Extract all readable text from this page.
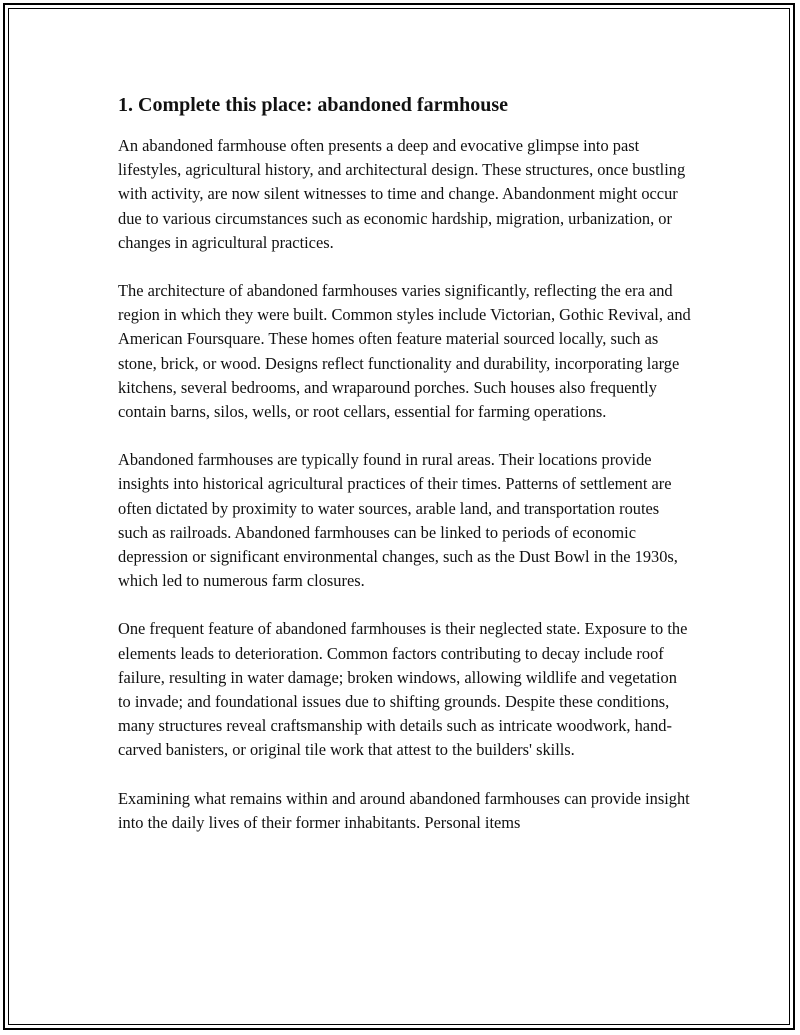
1. Complete this place: abandoned farmhouse

An abandoned farmhouse often presents a deep and evocative glimpse into past lifestyles, agricultural history, and architectural design. These structures, once bustling with activity, are now silent witnesses to time and change. Abandonment might occur due to various circumstances such as economic hardship, migration, urbanization, or changes in agricultural practices.

The architecture of abandoned farmhouses varies significantly, reflecting the era and region in which they were built. Common styles include Victorian, Gothic Revival, and American Foursquare. These homes often feature material sourced locally, such as stone, brick, or wood. Designs reflect functionality and durability, incorporating large kitchens, several bedrooms, and wraparound porches. Such houses also frequently contain barns, silos, wells, or root cellars, essential for farming operations.

Abandoned farmhouses are typically found in rural areas. Their locations provide insights into historical agricultural practices of their times. Patterns of settlement are often dictated by proximity to water sources, arable land, and transportation routes such as railroads. Abandoned farmhouses can be linked to periods of economic depression or significant environmental changes, such as the Dust Bowl in the 1930s, which led to numerous farm closures.

One frequent feature of abandoned farmhouses is their neglected state. Exposure to the elements leads to deterioration. Common factors contributing to decay include roof failure, resulting in water damage; broken windows, allowing wildlife and vegetation to invade; and foundational issues due to shifting grounds. Despite these conditions, many structures reveal craftsmanship with details such as intricate woodwork, hand-carved banisters, or original tile work that attest to the builders' skills.

Examining what remains within and around abandoned farmhouses can provide insight into the daily lives of their former inhabitants. Personal items
